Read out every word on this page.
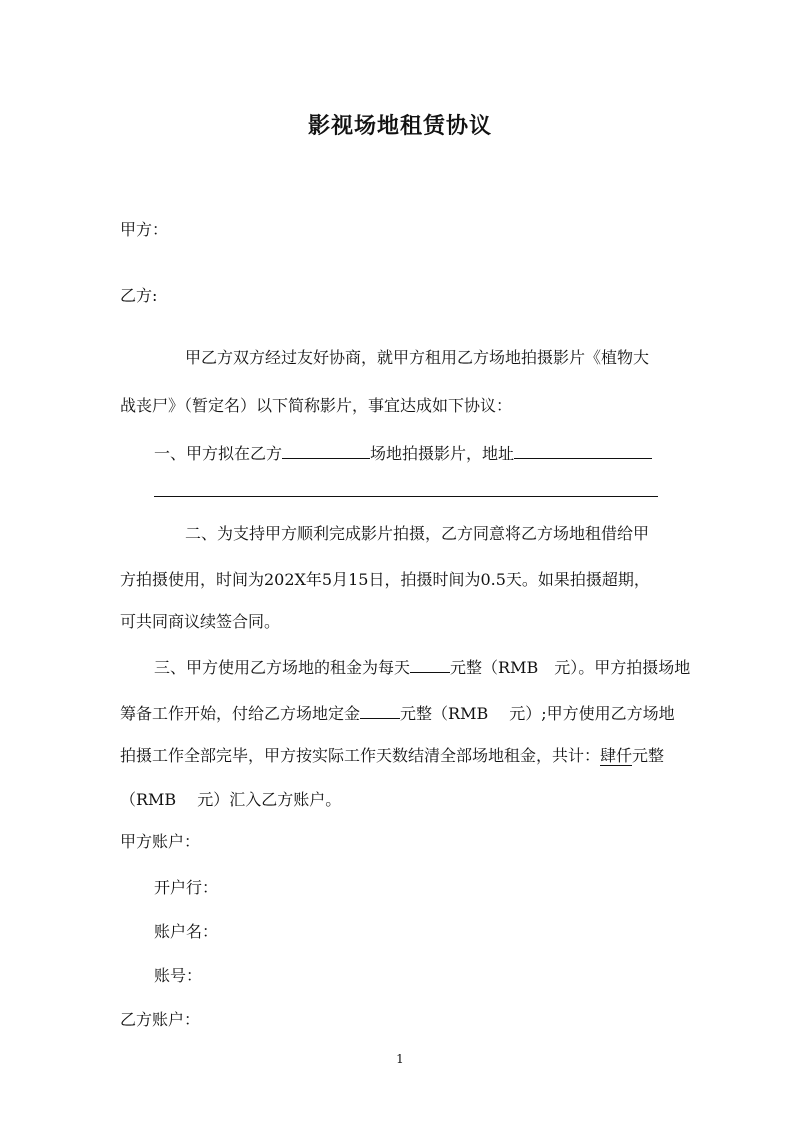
影视场地租赁协议
甲方：
乙方:
甲乙方双方经过友好协商，就甲方租用乙方场地拍摄影片《植物大
战丧尸》（暂定名）以下简称影片，事宜达成如下协议：
一、甲方拟在乙方	场地拍摄影片，地址
二、为支持甲方顺利完成影片拍摄，乙方同意将乙方场地租借给甲
方拍摄使用，时间为202X年5月15日，拍摄时间为0.5天。如果拍摄超期，
可共同商议续签合同。
三、甲方使用乙方场地的租金为每天	元整（RMB　元）。甲方拍摄场地
筹备工作开始，付给乙方场地定金	元整（RMB　 元）;甲方使用乙方场地
拍摄工作全部完毕，甲方按实际工作天数结清全部场地租金，共计：肆仟元整
（RMB　 元）汇入乙方账户。
甲方账户：
开户行：
账户名：
账号：
乙方账户：
1
